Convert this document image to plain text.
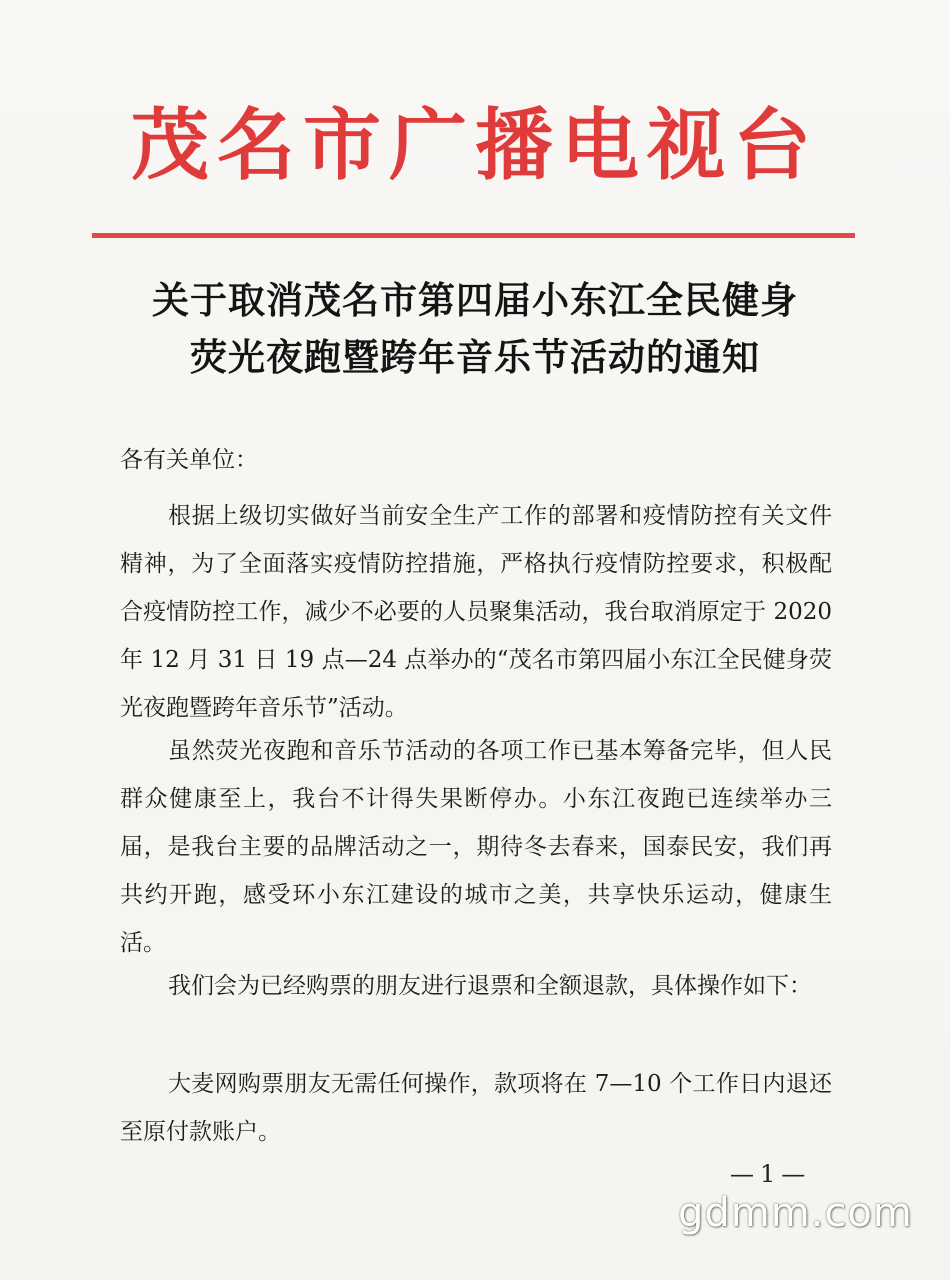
茂名市广播电视台
关于取消茂名市第四届小东江全民健身
荧光夜跑暨跨年音乐节活动的通知
各有关单位：
根据上级切实做好当前安全生产工作的部署和疫情防控有关文件精神，为了全面落实疫情防控措施，严格执行疫情防控要求，积极配合疫情防控工作，减少不必要的人员聚集活动，我台取消原定于 2020 年 12 月 31 日 19 点—24 点举办的“茂名市第四届小东江全民健身荧光夜跑暨跨年音乐节”活动。
虽然荧光夜跑和音乐节活动的各项工作已基本筹备完毕，但人民群众健康至上，我台不计得失果断停办。小东江夜跑已连续举办三届，是我台主要的品牌活动之一，期待冬去春来，国泰民安，我们再共约开跑，感受环小东江建设的城市之美，共享快乐运动，健康生活。
我们会为已经购票的朋友进行退票和全额退款，具体操作如下：
大麦网购票朋友无需任何操作，款项将在 7—10 个工作日内退还至原付款账户。
—1—
gdmm.com
